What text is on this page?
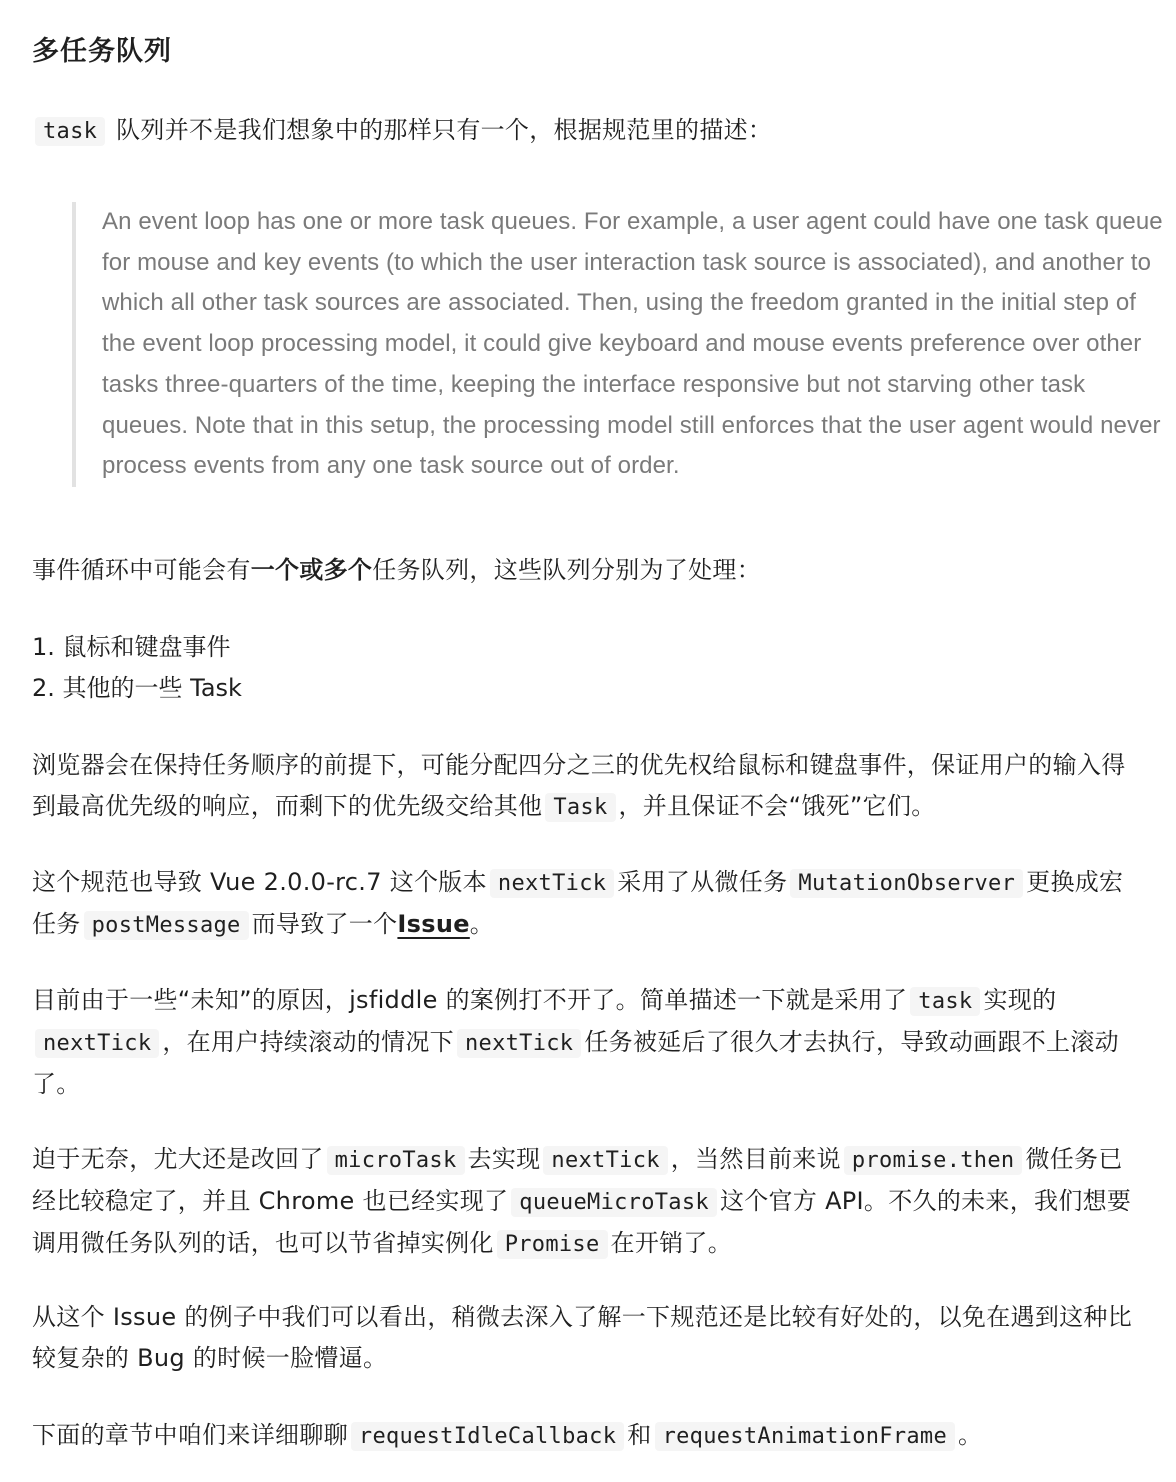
多任务队列

task 队列并不是我们想象中的那样只有一个，根据规范里的描述：

An event loop has one or more task queues. For example, a user agent could have one task queue for mouse and key events (to which the user interaction task source is associated), and another to which all other task sources are associated. Then, using the freedom granted in the initial step of the event loop processing model, it could give keyboard and mouse events preference over other tasks three-quarters of the time, keeping the interface responsive but not starving other task queues. Note that in this setup, the processing model still enforces that the user agent would never process events from any one task source out of order.

事件循环中可能会有一个或多个任务队列，这些队列分别为了处理：

1. 鼠标和键盘事件
2. 其他的一些 Task

浏览器会在保持任务顺序的前提下，可能分配四分之三的优先权给鼠标和键盘事件，保证用户的输入得到最高优先级的响应，而剩下的优先级交给其他 Task ，并且保证不会“饿死”它们。

这个规范也导致 Vue 2.0.0-rc.7 这个版本 nextTick 采用了从微任务 MutationObserver 更换成宏任务 postMessage 而导致了一个Issue。

目前由于一些“未知”的原因，jsfiddle 的案例打不开了。简单描述一下就是采用了 task 实现的nextTick ，在用户持续滚动的情况下 nextTick 任务被延后了很久才去执行，导致动画跟不上滚动了。

迫于无奈，尤大还是改回了 microTask 去实现 nextTick ，当然目前来说 promise.then 微任务已经比较稳定了，并且 Chrome 也已经实现了 queueMicroTask 这个官方 API。不久的未来，我们想要调用微任务队列的话，也可以节省掉实例化 Promise 在开销了。

从这个 Issue 的例子中我们可以看出，稍微去深入了解一下规范还是比较有好处的，以免在遇到这种比较复杂的 Bug 的时候一脸懵逼。

下面的章节中咱们来详细聊聊 requestIdleCallback 和 requestAnimationFrame 。
